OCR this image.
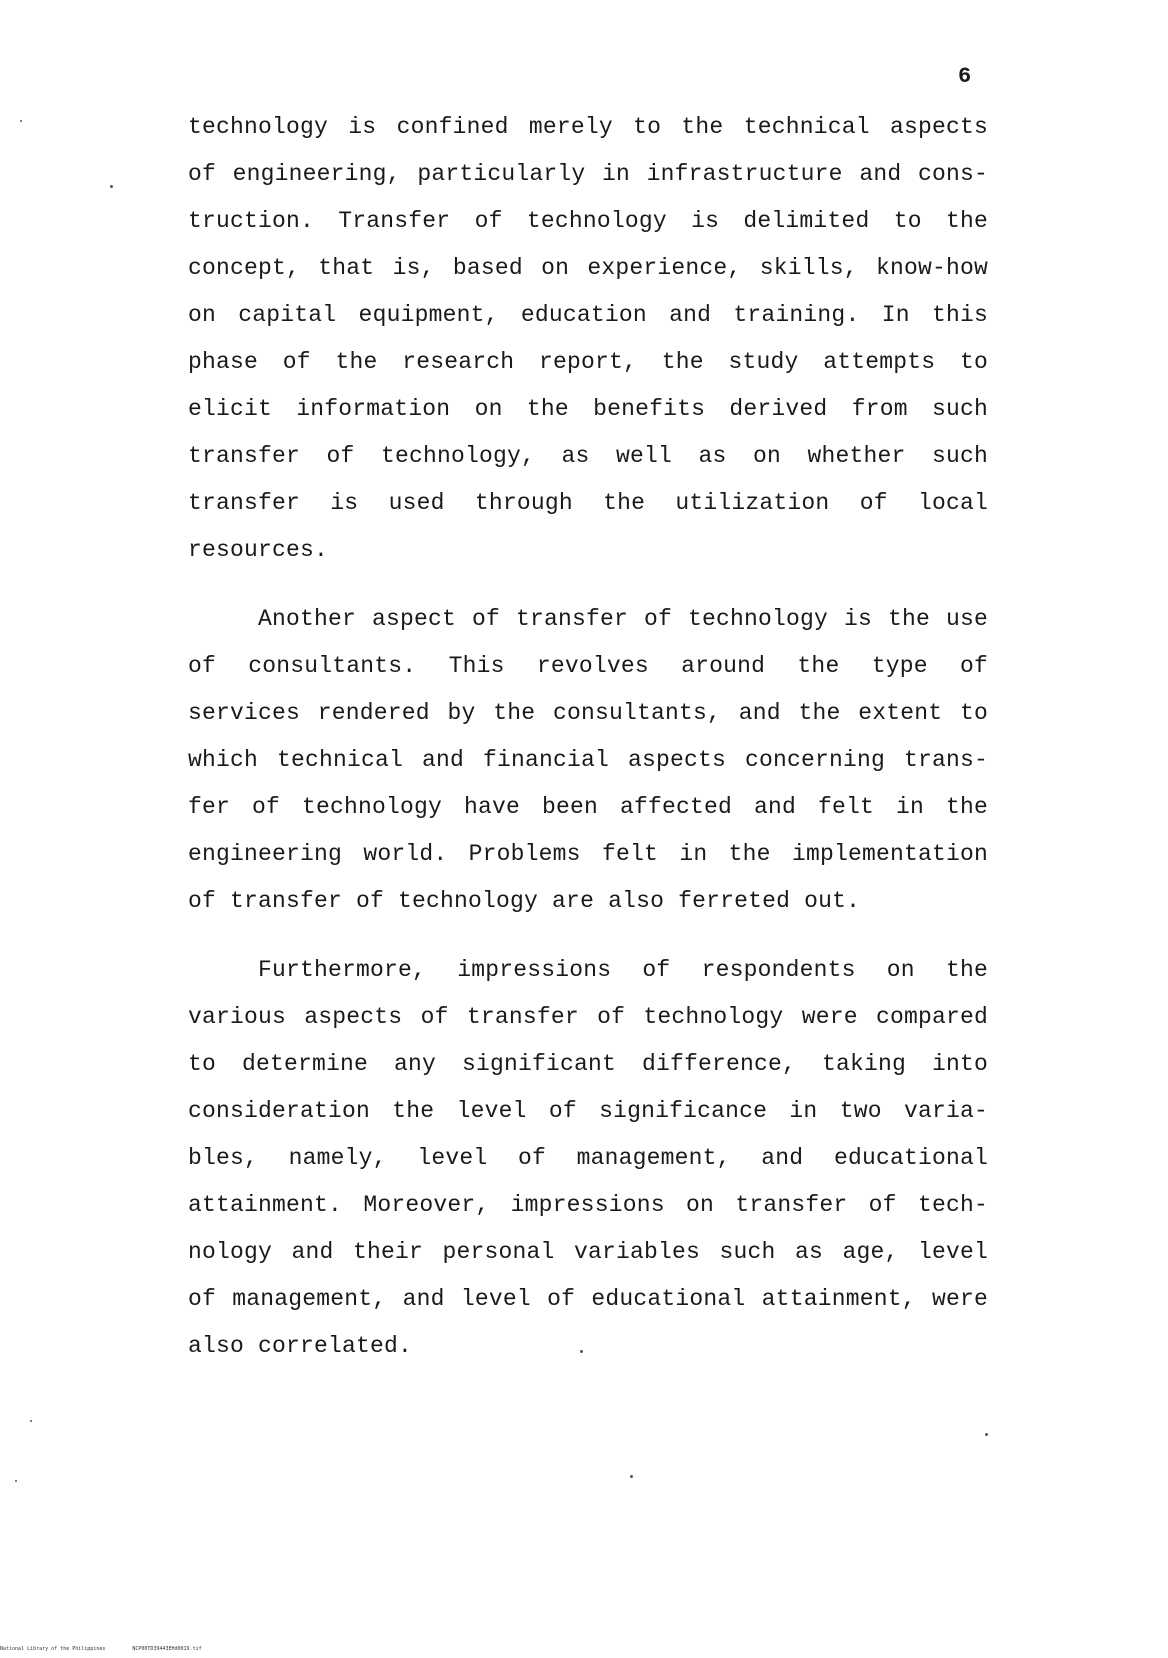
6
technology is confined merely to the technical aspects
of engineering, particularly in infrastructure and cons-
truction. Transfer of technology is delimited to the
concept, that is, based on experience, skills, know-how
on capital equipment, education and training. In this
phase of the research report, the study attempts to
elicit information on the benefits derived from such
transfer of technology, as well as on whether such
transfer is used through the utilization of local
resources.
Another aspect of transfer of technology is the use
of consultants. This revolves around the type of
services rendered by the consultants, and the extent to
which technical and financial aspects concerning trans-
fer of technology have been affected and felt in the
engineering world. Problems felt in the implementation
of transfer of technology are also ferreted out.
Furthermore, impressions of respondents on the
various aspects of transfer of technology were compared
to determine any significant difference, taking into
consideration the level of significance in two varia-
bles, namely, level of management, and educational
attainment. Moreover, impressions on transfer of tech-
nology and their personal variables such as age, level
of management, and level of educational attainment, were
also correlated.
National Library of the Philippines	NCP00TD39443EHd0019.tif
